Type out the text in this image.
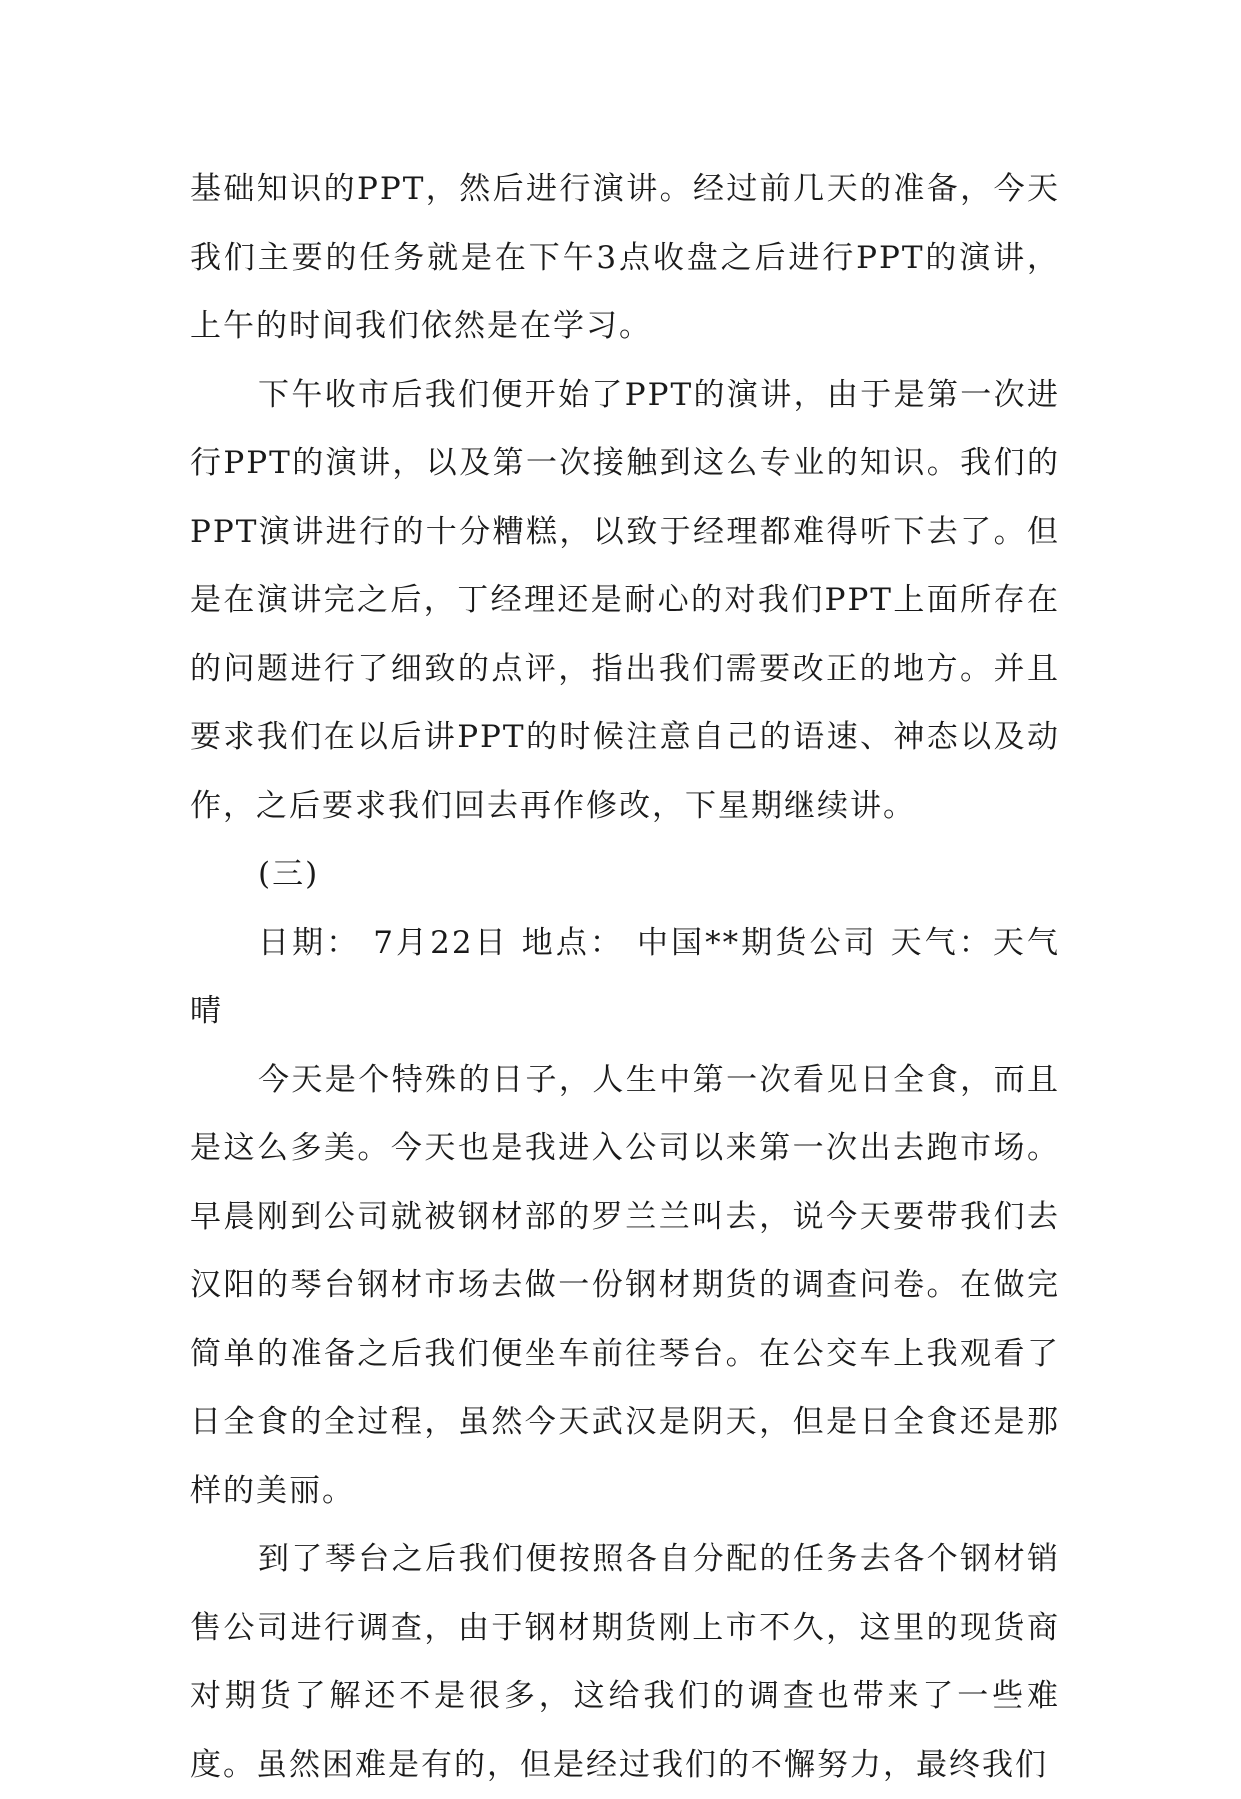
基础知识的PPT，然后进行演讲。经过前几天的准备，今天我们主要的任务就是在下午3点收盘之后进行PPT的演讲，上午的时间我们依然是在学习。

下午收市后我们便开始了PPT的演讲，由于是第一次进行PPT的演讲，以及第一次接触到这么专业的知识。我们的PPT演讲进行的十分糟糕，以致于经理都难得听下去了。但是在演讲完之后，丁经理还是耐心的对我们PPT上面所存在的问题进行了细致的点评，指出我们需要改正的地方。并且要求我们在以后讲PPT的时候注意自己的语速、神态以及动作，之后要求我们回去再作修改，下星期继续讲。

(三)

日期： 7月22日 地点： 中国**期货公司 天气：天气晴

今天是个特殊的日子，人生中第一次看见日全食，而且是这么多美。今天也是我进入公司以来第一次出去跑市场。早晨刚到公司就被钢材部的罗兰兰叫去，说今天要带我们去汉阳的琴台钢材市场去做一份钢材期货的调查问卷。在做完简单的准备之后我们便坐车前往琴台。在公交车上我观看了日全食的全过程，虽然今天武汉是阴天，但是日全食还是那样的美丽。

到了琴台之后我们便按照各自分配的任务去各个钢材销售公司进行调查，由于钢材期货刚上市不久，这里的现货商对期货了解还不是很多，这给我们的调查也带来了一些难度。虽然困难是有的，但是经过我们的不懈努力，最终我们
